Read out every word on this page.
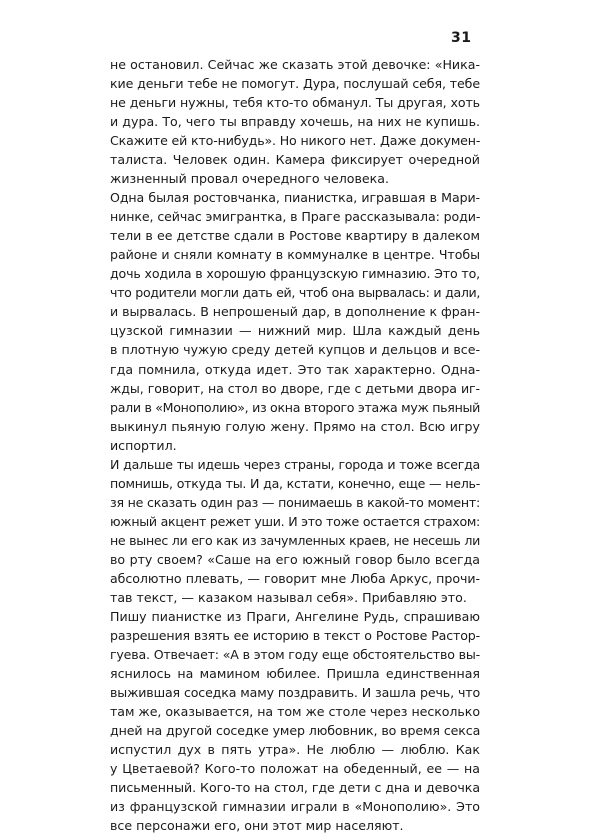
31
не остановил. Сейчас же сказать этой девочке: «Ника-
кие деньги тебе не помогут. Дура, послушай себя, тебе
не деньги нужны, тебя кто-то обманул. Ты другая, хоть
и дура. То, чего ты вправду хочешь, на них не купишь.
Скажите ей кто-нибудь». Но никого нет. Даже докумен-
талиста. Человек один. Камера фиксирует очередной
жизненный провал очередного человека.
Одна былая ростовчанка, пианистка, игравшая в Мари-
нинке, сейчас эмигрантка, в Праге рассказывала: роди-
тели в ее детстве сдали в Ростове квартиру в далеком
районе и сняли комнату в коммуналке в центре. Чтобы
дочь ходила в хорошую французскую гимназию. Это то,
что родители могли дать ей, чтоб она вырвалась: и дали,
и вырвалась. В непрошеный дар, в дополнение к фран-
цузской гимназии — нижний мир. Шла каждый день
в плотную чужую среду детей купцов и дельцов и все-
гда помнила, откуда идет. Это так характерно. Одна-
жды, говорит, на стол во дворе, где с детьми двора иг-
рали в «Монополию», из окна второго этажа муж пьяный
выкинул пьяную голую жену. Прямо на стол. Всю игру
испортил.
И дальше ты идешь через страны, города и тоже всегда
помнишь, откуда ты. И да, кстати, конечно, еще — нель-
зя не сказать один раз — понимаешь в какой-то момент:
южный акцент режет уши. И это тоже остается страхом:
не вынес ли его как из зачумленных краев, не несешь ли
во рту своем? «Саше на его южный говор было всегда
абсолютно плевать, — говорит мне Люба Аркус, прочи-
тав текст, — казаком называл себя». Прибавляю это.
Пишу пианистке из Праги, Ангелине Рудь, спрашиваю
разрешения взять ее историю в текст о Ростове Растор-
гуева. Отвечает: «А в этом году еще обстоятельство вы-
яснилось на мамином юбилее. Пришла единственная
выжившая соседка маму поздравить. И зашла речь, что
там же, оказывается, на том же столе через несколько
дней на другой соседке умер любовник, во время секса
испустил дух в пять утра». Не люблю — люблю. Как
у Цветаевой? Кого-то положат на обеденный, ее — на
письменный. Кого-то на стол, где дети с дна и девочка
из французской гимназии играли в «Монополию». Это
все персонажи его, они этот мир населяют.
